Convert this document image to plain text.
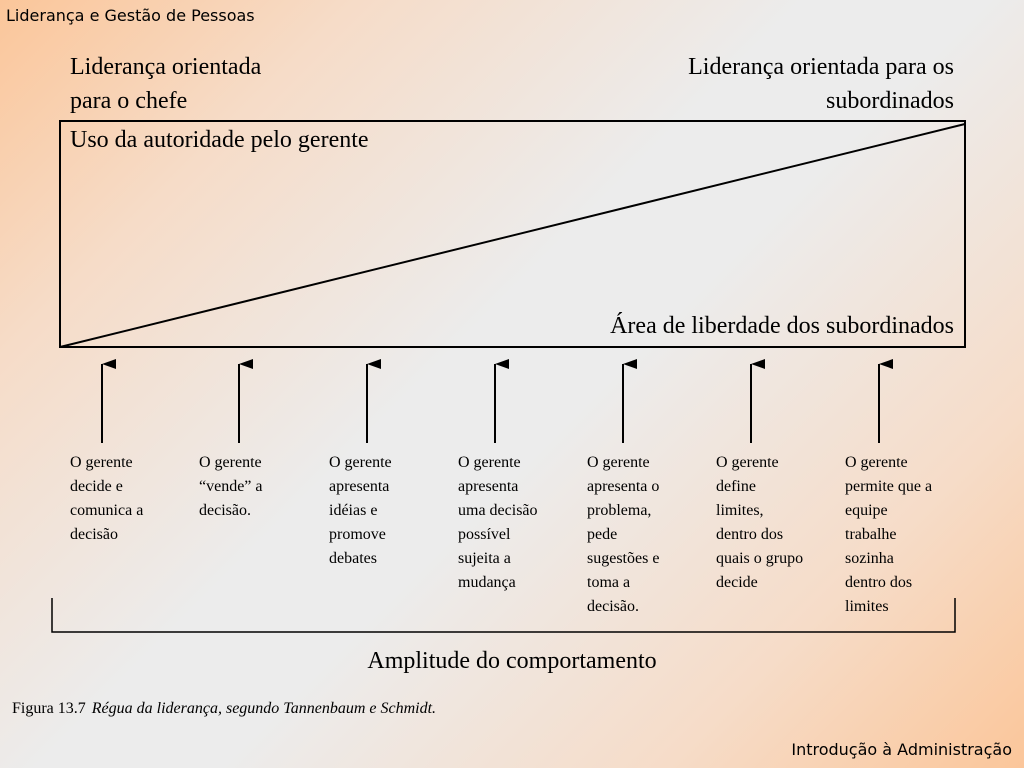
Liderança e Gestão de Pessoas
Liderança orientada
para o chefe
Liderança orientada para os
subordinados
Uso da autoridade pelo gerente
Área de liberdade dos subordinados
O gerente
decide e
comunica a
decisão
O gerente
“vende” a
decisão.
O gerente
apresenta
idéias e
promove
debates
O gerente
apresenta
uma decisão
possível
sujeita a
mudança
O gerente
apresenta o
problema,
pede
sugestões e
toma a
decisão.
O gerente
define
limites,
dentro dos
quais o grupo
decide
O gerente
permite que a
equipe
trabalhe
sozinha
dentro dos
limites
Amplitude do comportamento
Figura 13.7 Régua da liderança, segundo Tannenbaum e Schmidt.
Introdução à Administração
